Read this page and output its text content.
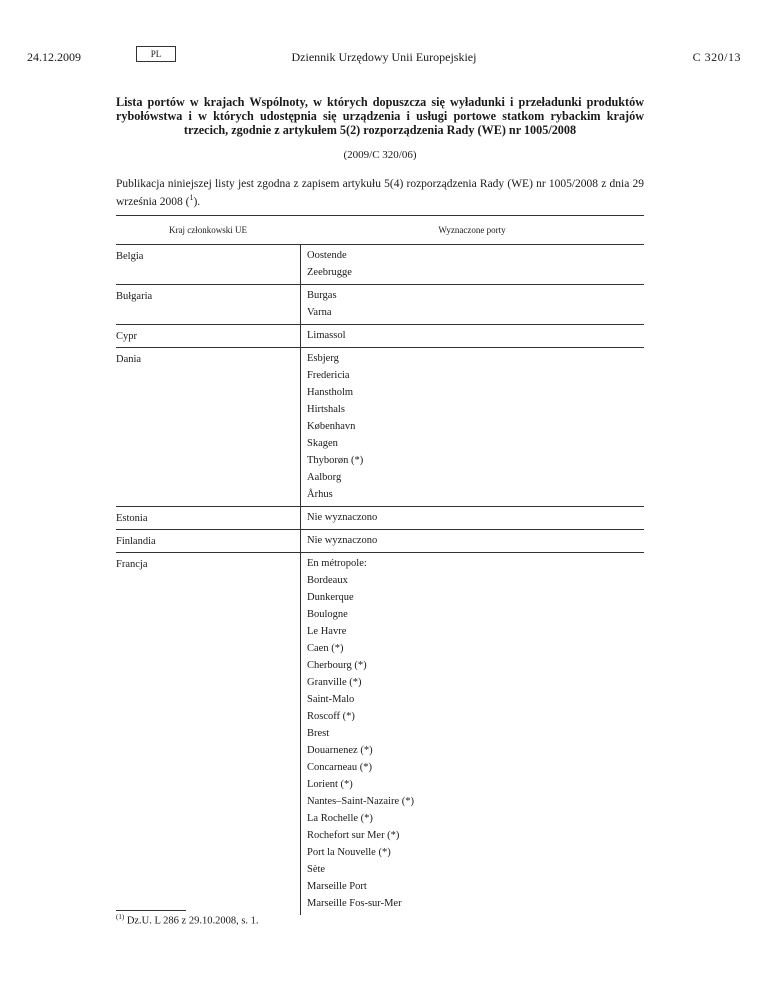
24.12.2009	PL	Dziennik Urzędowy Unii Europejskiej	C 320/13

Lista portów w krajach Wspólnoty, w których dopuszcza się wyładunki i przeładunki produktów rybołówstwa i w których udostępnia się urządzenia i usługi portowe statkom rybackim krajów trzecich, zgodnie z artykułem 5(2) rozporządzenia Rady (WE) nr 1005/2008

(2009/C 320/06)
Publikacja niniejszej listy jest zgodna z zapisem artykułu 5(4) rozporządzenia Rady (WE) nr 1005/2008 z dnia 29 września 2008 ($^1$).
Kraj członkowski UE	Wyznaczone porty
Belgia	Oostende
Zeebrugge
Bułgaria	Burgas
Varna
Cypr	Limassol
Dania	Esbjerg
Fredericia
Hanstholm
Hirtshals
København
Skagen
Thyborøn (*)
Aalborg
Århus
Estonia	Nie wyznaczono
Finlandia	Nie wyznaczono
Francja	En métropole:
Bordeaux
Dunkerque
Boulogne
Le Havre
Caen (*)
Cherbourg (*)
Granville (*)
Saint-Malo
Roscoff (*)
Brest
Douarnenez (*)
Concarneau (*)
Lorient (*)
Nantes–Saint-Nazaire (*)
La Rochelle (*)
Rochefort sur Mer (*)
Port la Nouvelle (*)
Sète
Marseille Port
Marseille Fos-sur-Mer
$^{(1)}$ Dz.U. L 286 z 29.10.2008, s. 1.
